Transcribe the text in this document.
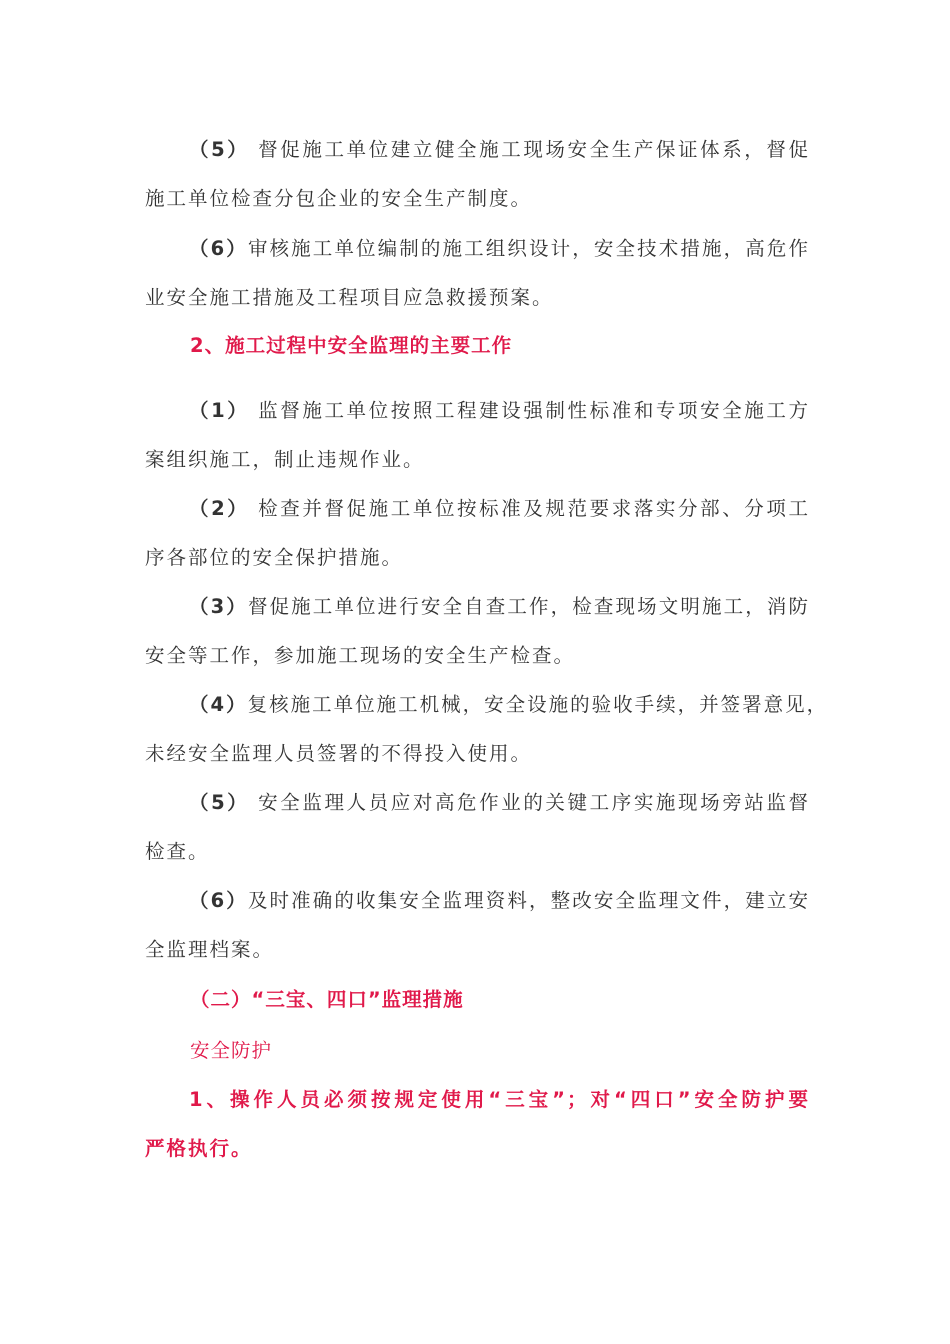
（5） 督促施工单位建立健全施工现场安全生产保证体系，督促
施工单位检查分包企业的安全生产制度。
（6）审核施工单位编制的施工组织设计，安全技术措施，高危作
业安全施工措施及工程项目应急救援预案。
2、施工过程中安全监理的主要工作
（1） 监督施工单位按照工程建设强制性标准和专项安全施工方
案组织施工，制止违规作业。
（2） 检查并督促施工单位按标准及规范要求落实分部、分项工
序各部位的安全保护措施。
（3）督促施工单位进行安全自查工作，检查现场文明施工，消防
安全等工作，参加施工现场的安全生产检查。
（4）复核施工单位施工机械，安全设施的验收手续，并签署意见，
未经安全监理人员签署的不得投入使用。
（5） 安全监理人员应对高危作业的关键工序实施现场旁站监督
检查。
（6）及时准确的收集安全监理资料，整改安全监理文件，建立安
全监理档案。
（二）“三宝、四口”监理措施
安全防护
1、操作人员必须按规定使用“三宝”；对“四口”安全防护要
严格执行。
